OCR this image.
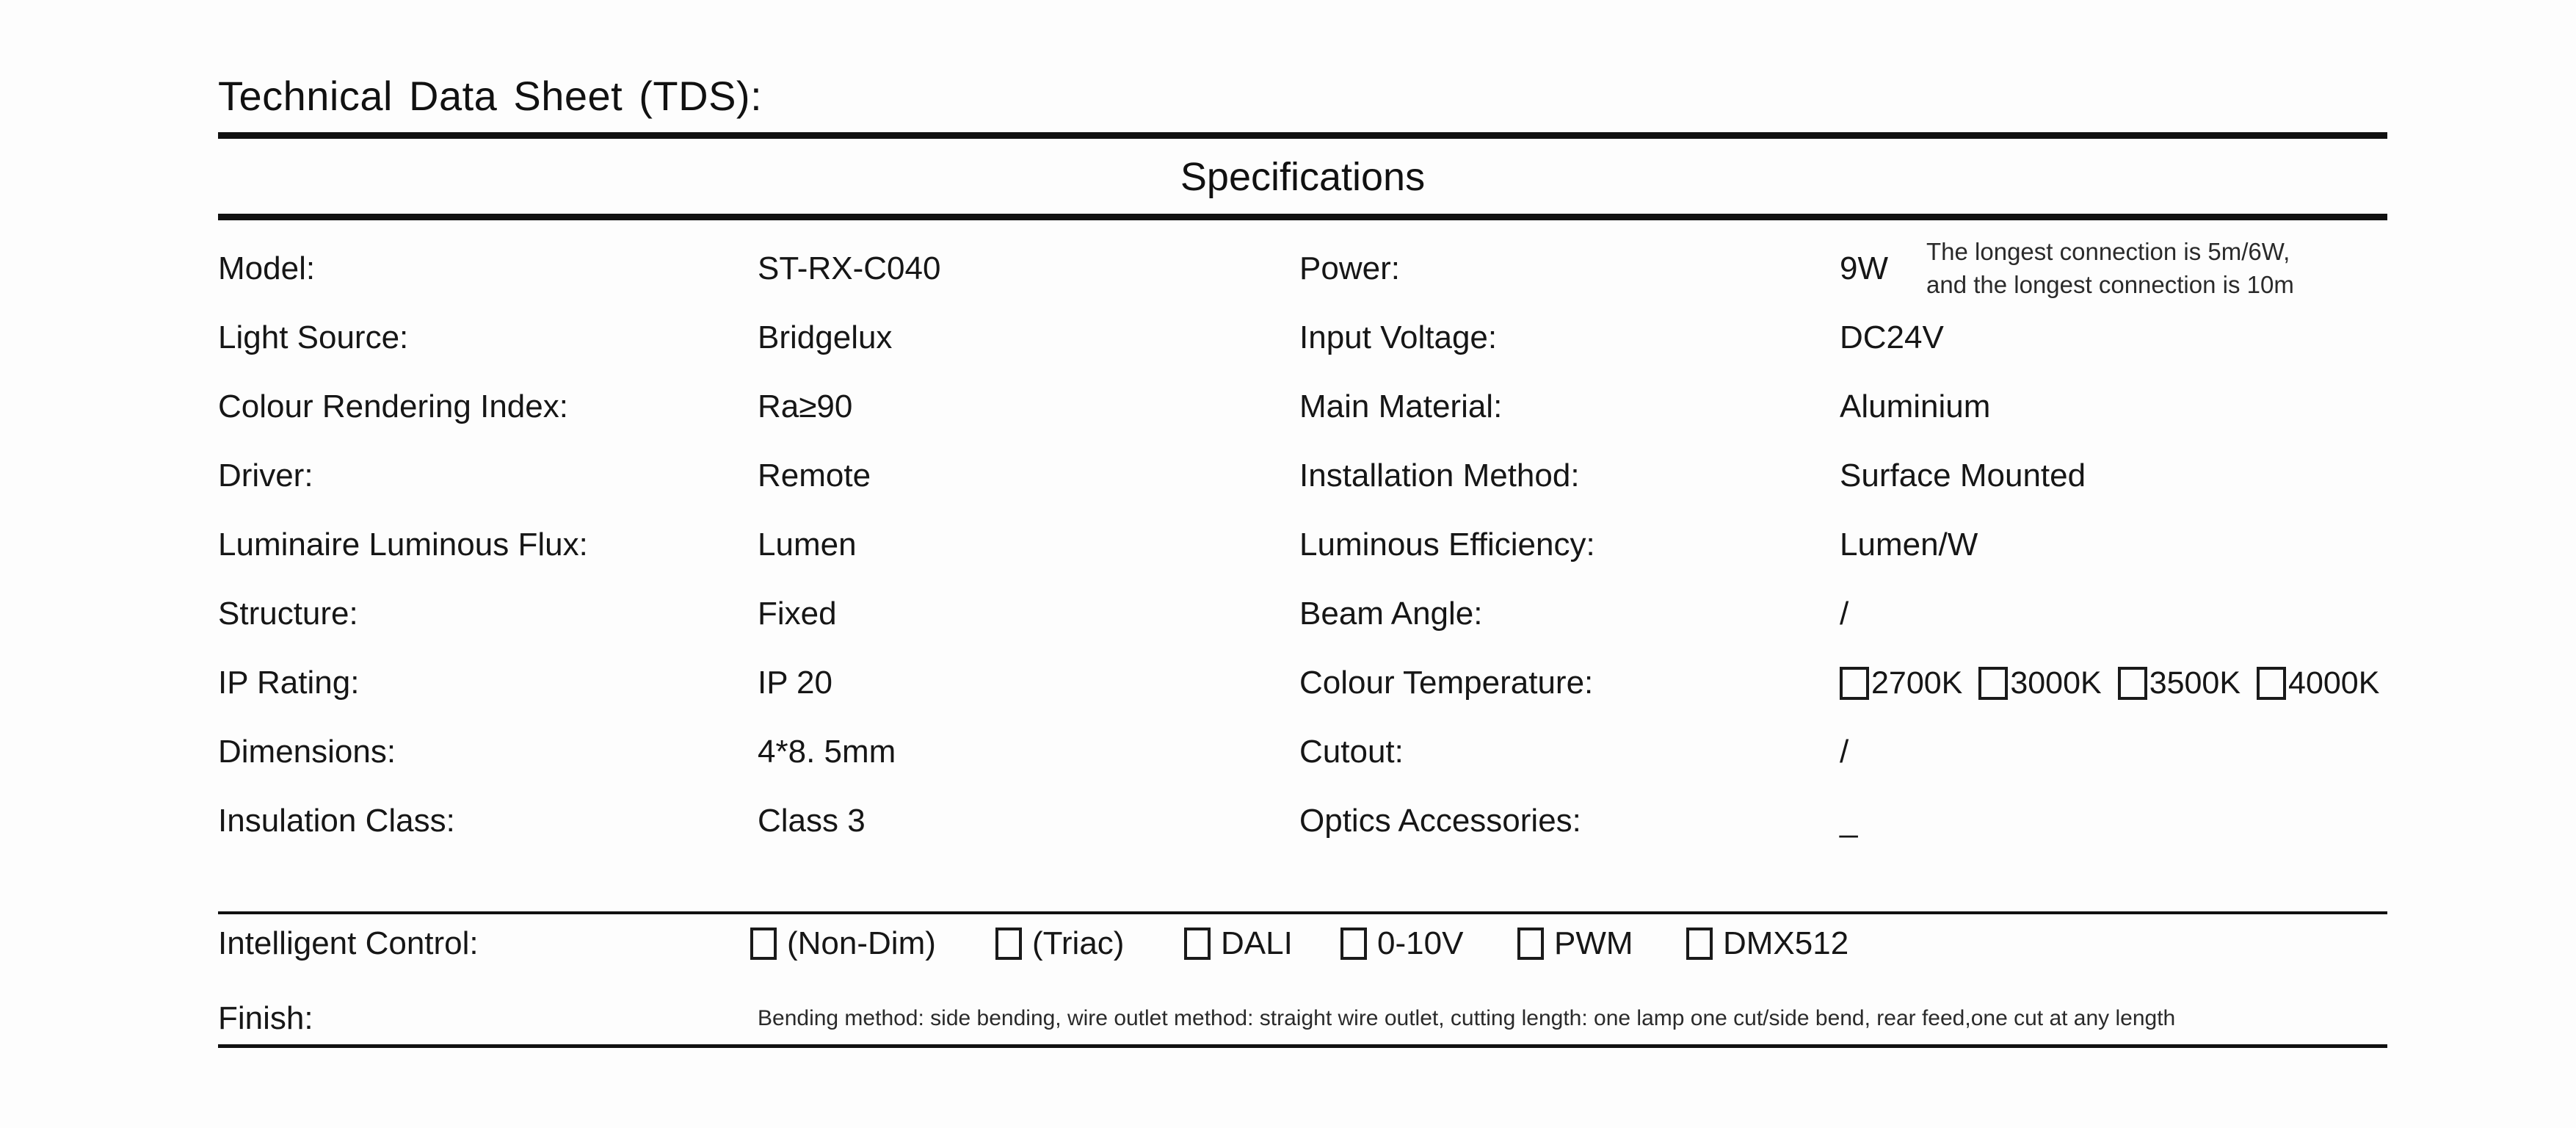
Technical Data Sheet (TDS):
Specifications
Model:	ST-RX-C040	Power:	9W The longest connection is 5m/6W,
and the longest connection is 10m
Light Source:	Bridgelux	Input Voltage:	DC24V
Colour Rendering Index:	Ra≥90	Main Material:	Aluminium
Driver:	Remote	Installation Method:	Surface Mounted
Luminaire Luminous Flux:	Lumen	Luminous Efficiency:	Lumen/W
Structure:	Fixed	Beam Angle:	/
IP Rating:	IP 20	Colour Temperature:	2700K 3000K 3500K 4000K
Dimensions:	4*8. 5mm	Cutout:	/
Insulation Class:	Class 3	Optics Accessories:	_
Intelligent Control:	(Non-Dim)	(Triac)	DALI	0-10V	PWM	DMX512
Finish:	Bending method: side bending, wire outlet method: straight wire outlet, cutting length: one lamp one cut/side bend, rear feed,one cut at any length
